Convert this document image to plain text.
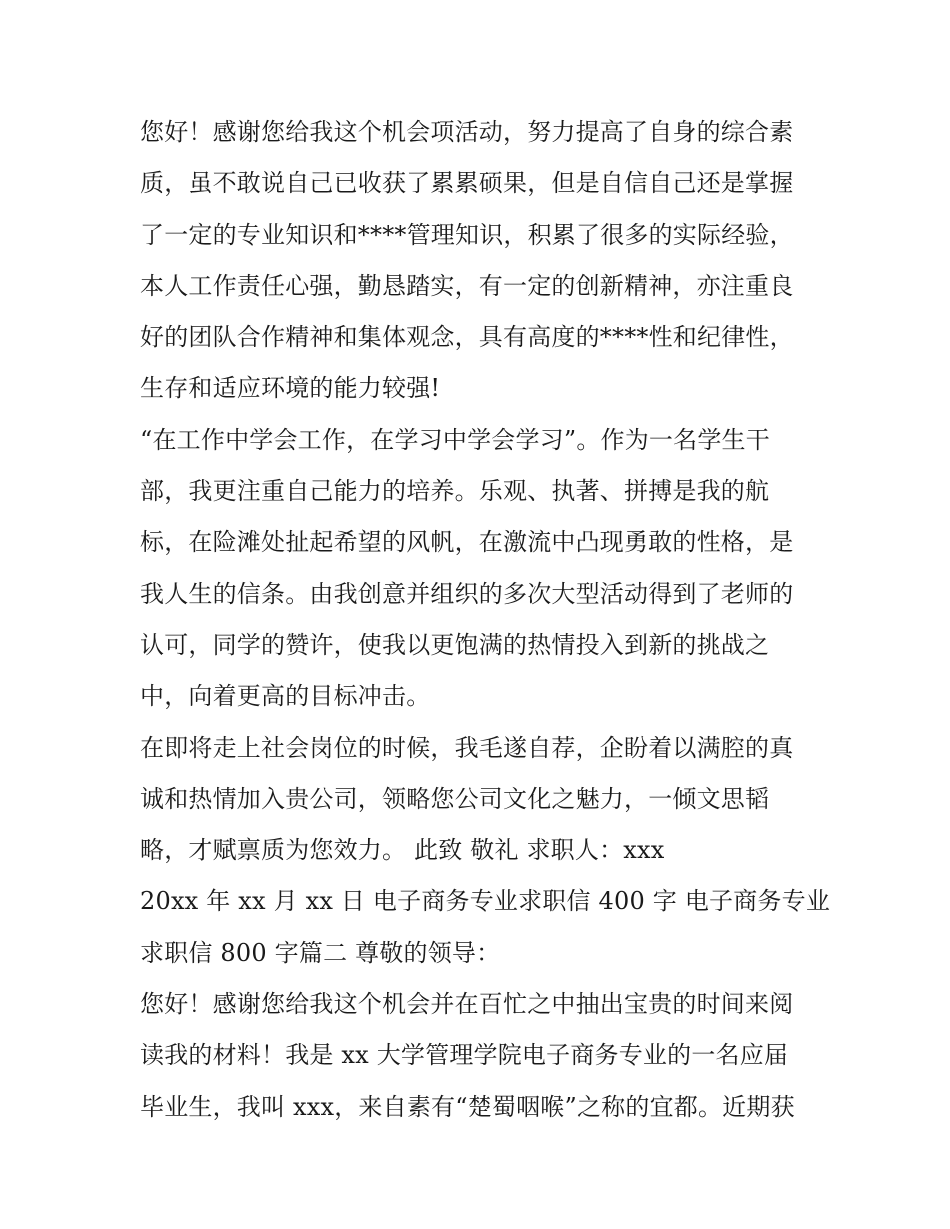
您好！感谢您给我这个机会项活动，努力提高了自身的综合素
质，虽不敢说自己已收获了累累硕果，但是自信自己还是掌握
了一定的专业知识和****管理知识，积累了很多的实际经验，
本人工作责任心强，勤恳踏实，有一定的创新精神，亦注重良
好的团队合作精神和集体观念，具有高度的****性和纪律性，
生存和适应环境的能力较强!
“在工作中学会工作，在学习中学会学习”。作为一名学生干
部，我更注重自己能力的培养。乐观、执著、拼搏是我的航
标，在险滩处扯起希望的风帆，在激流中凸现勇敢的性格，是
我人生的信条。由我创意并组织的多次大型活动得到了老师的
认可，同学的赞许，使我以更饱满的热情投入到新的挑战之
中，向着更高的目标冲击。
在即将走上社会岗位的时候，我毛遂自荐，企盼着以满腔的真
诚和热情加入贵公司，领略您公司文化之魅力，一倾文思韬
略，才赋禀质为您效力。 此致 敬礼 求职人：xxx
20xx 年 xx 月 xx 日 电子商务专业求职信 400 字 电子商务专业
求职信 800 字篇二 尊敬的领导：
您好！感谢您给我这个机会并在百忙之中抽出宝贵的时间来阅
读我的材料！我是 xx 大学管理学院电子商务专业的一名应届
毕业生，我叫 xxx，来自素有“楚蜀咽喉”之称的宜都。近期获
